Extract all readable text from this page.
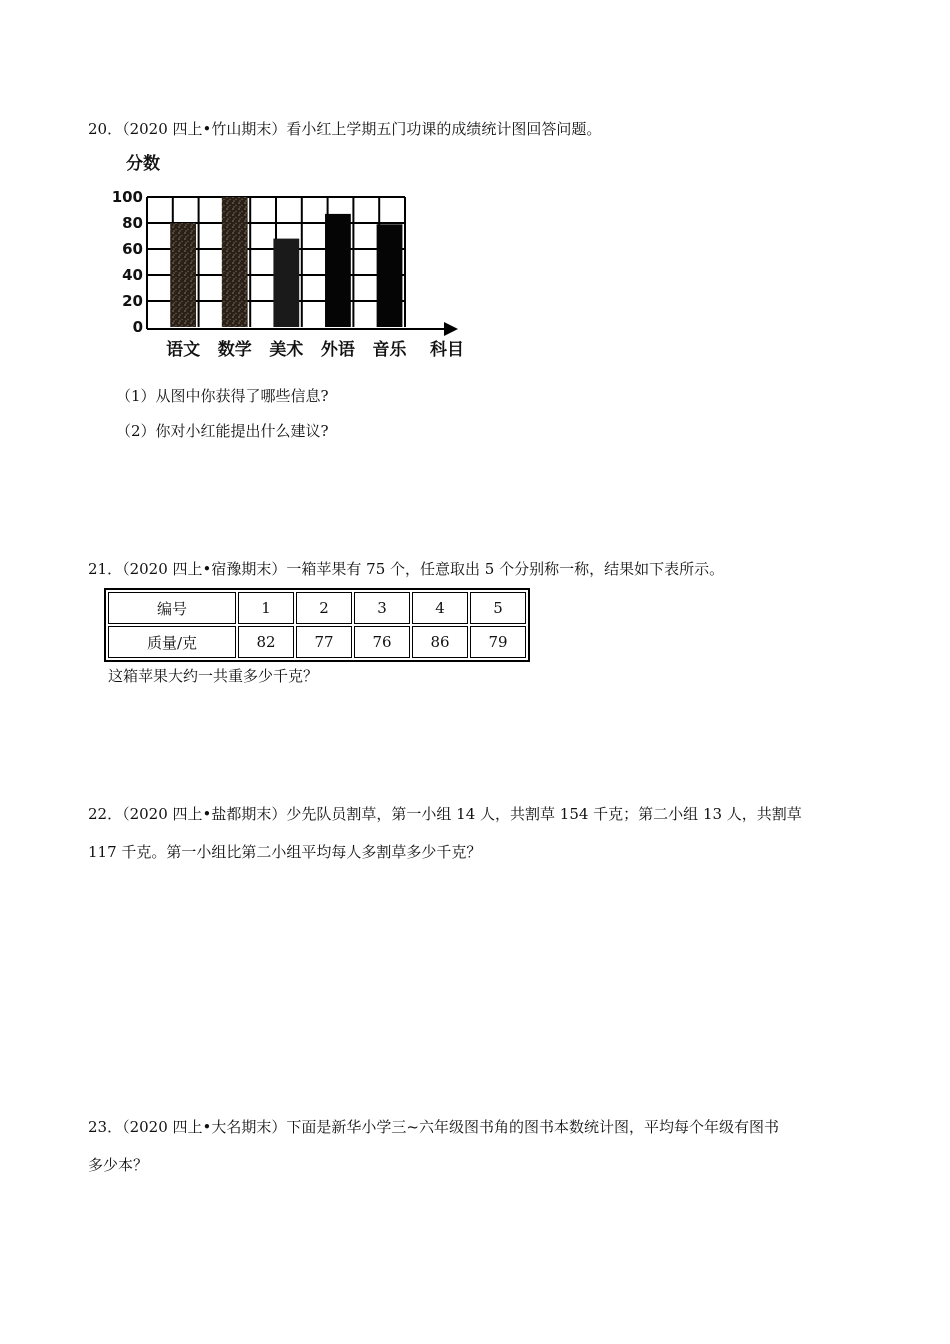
20．（2020 四上•竹山期末）看小红上学期五门功课的成绩统计图回答问题。
分数
100
80
60
40
20
0
语文 数学 美术 外语 音乐 科目
（1）从图中你获得了哪些信息?
（2）你对小红能提出什么建议?
21．（2020 四上•宿豫期末）一箱苹果有 75 个，任意取出 5 个分别称一称，结果如下表所示。
编号	1	2	3	4	5
质量/克	82	77	76	86	79
这箱苹果大约一共重多少千克？
22．（2020 四上•盐都期末）少先队员割草，第一小组 14 人，共割草 154 千克；第二小组 13 人，共割草
117 千克。第一小组比第二小组平均每人多割草多少千克？
23．（2020 四上•大名期末）下面是新华小学三~六年级图书角的图书本数统计图，平均每个年级有图书
多少本？
